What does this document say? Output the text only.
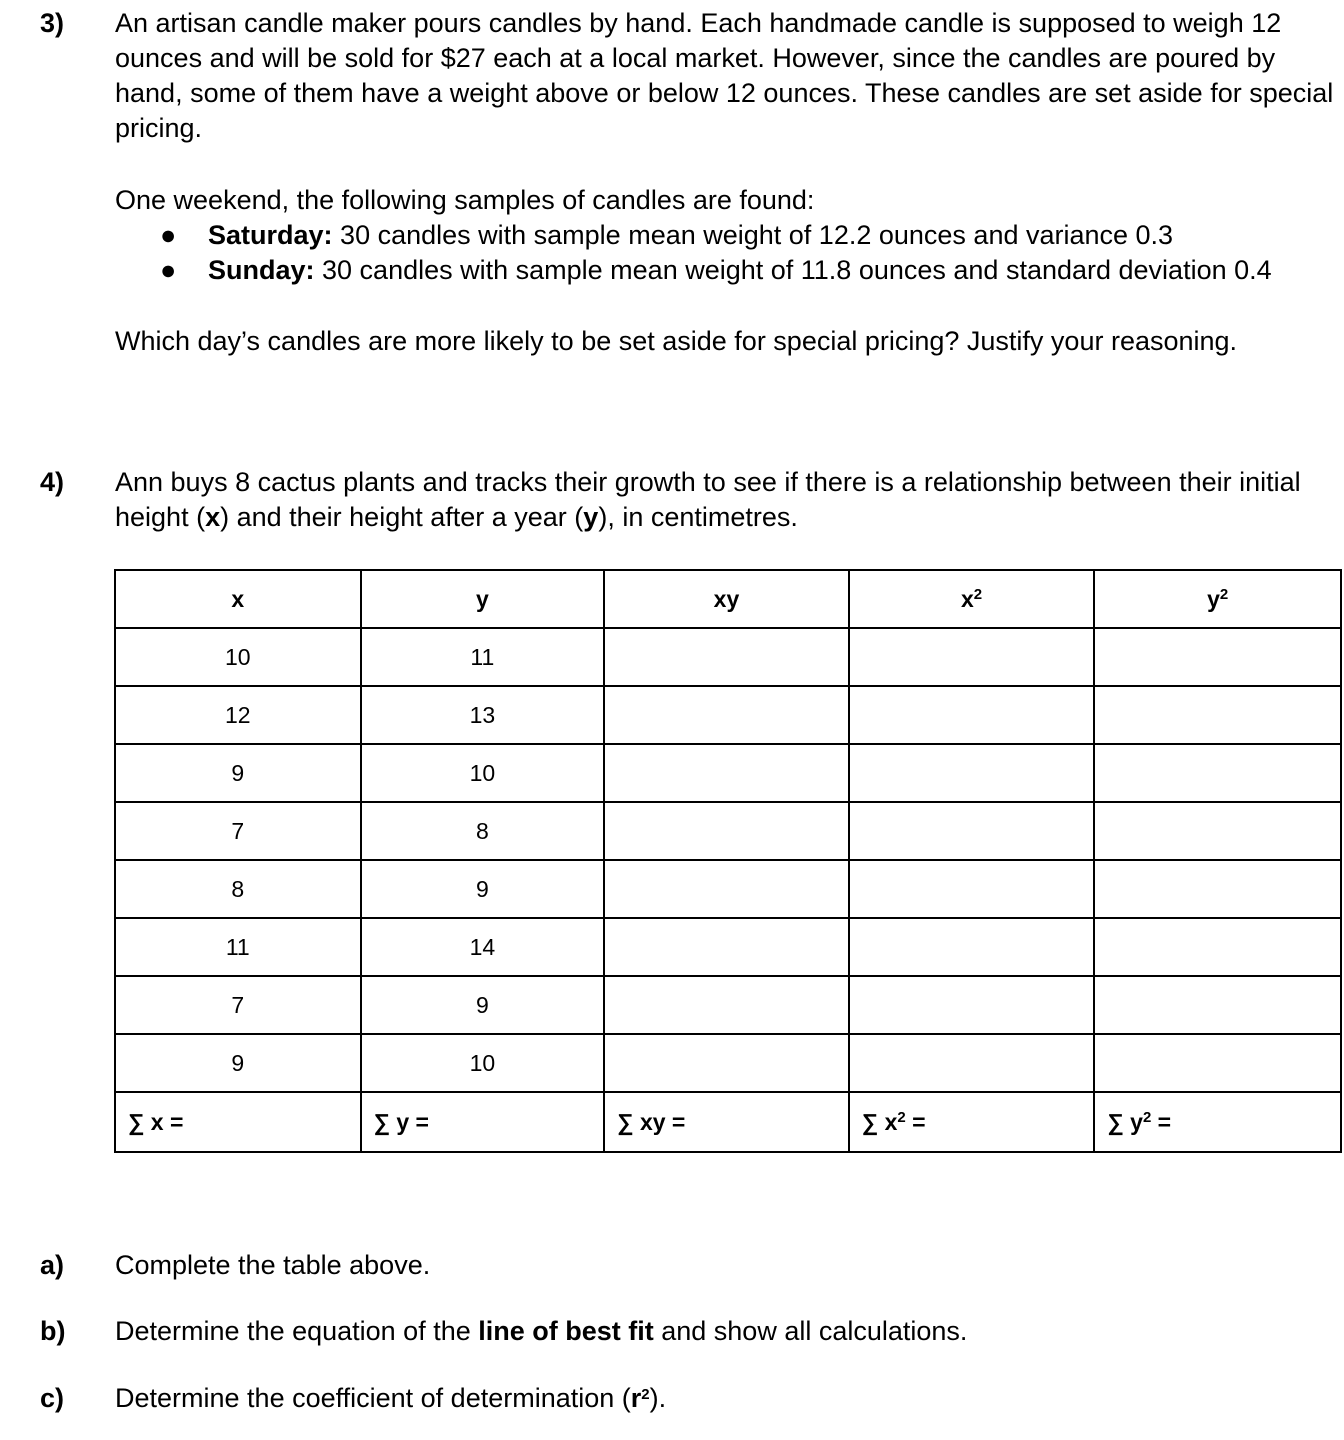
3) An artisan candle maker pours candles by hand. Each handmade candle is supposed to weigh 12 ounces and will be sold for $27 each at a local market. However, since the candles are poured by hand, some of them have a weight above or below 12 ounces. These candles are set aside for special pricing.
One weekend, the following samples of candles are found:
● Saturday: 30 candles with sample mean weight of 12.2 ounces and variance 0.3
● Sunday: 30 candles with sample mean weight of 11.8 ounces and standard deviation 0.4
Which day’s candles are more likely to be set aside for special pricing? Justify your reasoning.
4) Ann buys 8 cactus plants and tracks their growth to see if there is a relationship between their initial height (x) and their height after a year (y), in centimetres.
x	y	xy	$x^2$	$y^2$
10	11			
12	13			
9	10			
7	8			
8	9			
11	14			
7	9			
9	10			
∑ x =	∑ y =	∑ xy =	∑ $x^2$ =	∑ $y^2$ =
a) Complete the table above.
b) Determine the equation of the line of best fit and show all calculations.
c) Determine the coefficient of determination $(r^2)$.
